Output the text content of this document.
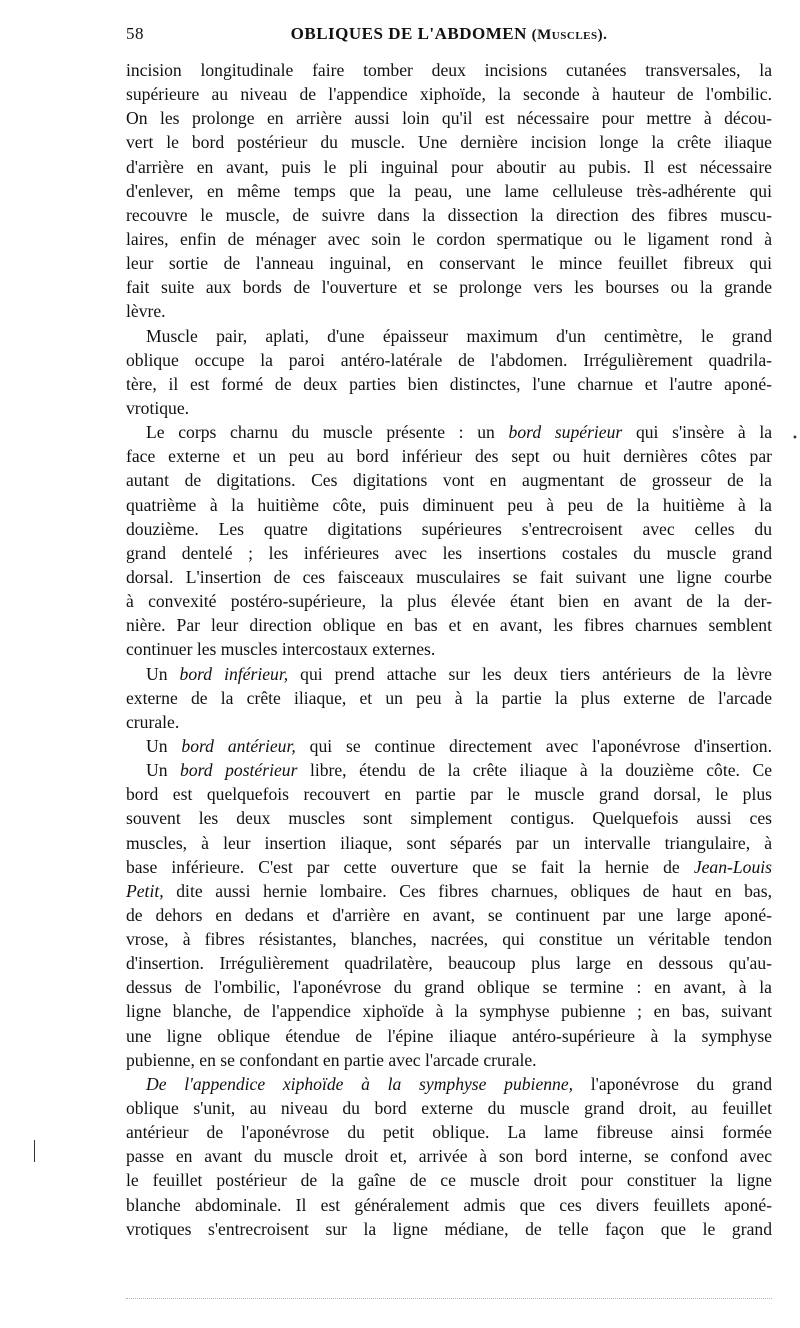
58	OBLIQUES DE L'ABDOMEN (Muscles).
incision longitudinale faire tomber deux incisions cutanées transversales, la
supérieure au niveau de l'appendice xiphoïde, la seconde à hauteur de l'ombilic.
On les prolonge en arrière aussi loin qu'il est nécessaire pour mettre à décou-
vert le bord postérieur du muscle. Une dernière incision longe la crête iliaque
d'arrière en avant, puis le pli inguinal pour aboutir au pubis. Il est nécessaire
d'enlever, en même temps que la peau, une lame celluleuse très-adhérente qui
recouvre le muscle, de suivre dans la dissection la direction des fibres muscu-
laires, enfin de ménager avec soin le cordon spermatique ou le ligament rond à
leur sortie de l'anneau inguinal, en conservant le mince feuillet fibreux qui
fait suite aux bords de l'ouverture et se prolonge vers les bourses ou la grande
lèvre.
Muscle pair, aplati, d'une épaisseur maximum d'un centimètre, le grand
oblique occupe la paroi antéro-latérale de l'abdomen. Irrégulièrement quadrila-
tère, il est formé de deux parties bien distinctes, l'une charnue et l'autre aponé-
vrotique.
Le corps charnu du muscle présente : un bord supérieur qui s'insère à la
face externe et un peu au bord inférieur des sept ou huit dernières côtes par
autant de digitations. Ces digitations vont en augmentant de grosseur de la
quatrième à la huitième côte, puis diminuent peu à peu de la huitième à la
douzième. Les quatre digitations supérieures s'entrecroisent avec celles du
grand dentelé ; les inférieures avec les insertions costales du muscle grand
dorsal. L'insertion de ces faisceaux musculaires se fait suivant une ligne courbe
à convexité postéro-supérieure, la plus élevée étant bien en avant de la der-
nière. Par leur direction oblique en bas et en avant, les fibres charnues semblent
continuer les muscles intercostaux externes.
Un bord inférieur, qui prend attache sur les deux tiers antérieurs de la lèvre
externe de la crête iliaque, et un peu à la partie la plus externe de l'arcade
crurale.
Un bord antérieur, qui se continue directement avec l'aponévrose d'insertion.
Un bord postérieur libre, étendu de la crête iliaque à la douzième côte. Ce
bord est quelquefois recouvert en partie par le muscle grand dorsal, le plus
souvent les deux muscles sont simplement contigus. Quelquefois aussi ces
muscles, à leur insertion iliaque, sont séparés par un intervalle triangulaire, à
base inférieure. C'est par cette ouverture que se fait la hernie de Jean-Louis
Petit, dite aussi hernie lombaire. Ces fibres charnues, obliques de haut en bas,
de dehors en dedans et d'arrière en avant, se continuent par une large aponé-
vrose, à fibres résistantes, blanches, nacrées, qui constitue un véritable tendon
d'insertion. Irrégulièrement quadrilatère, beaucoup plus large en dessous qu'au-
dessus de l'ombilic, l'aponévrose du grand oblique se termine : en avant, à la
ligne blanche, de l'appendice xiphoïde à la symphyse pubienne ; en bas, suivant
une ligne oblique étendue de l'épine iliaque antéro-supérieure à la symphyse
pubienne, en se confondant en partie avec l'arcade crurale.
De l'appendice xiphoïde à la symphyse pubienne, l'aponévrose du grand
oblique s'unit, au niveau du bord externe du muscle grand droit, au feuillet
antérieur de l'aponévrose du petit oblique. La lame fibreuse ainsi formée
passe en avant du muscle droit et, arrivée à son bord interne, se confond avec
le feuillet postérieur de la gaîne de ce muscle droit pour constituer la ligne
blanche abdominale. Il est généralement admis que ces divers feuillets aponé-
vrotiques s'entrecroisent sur la ligne médiane, de telle façon que le grand
•
